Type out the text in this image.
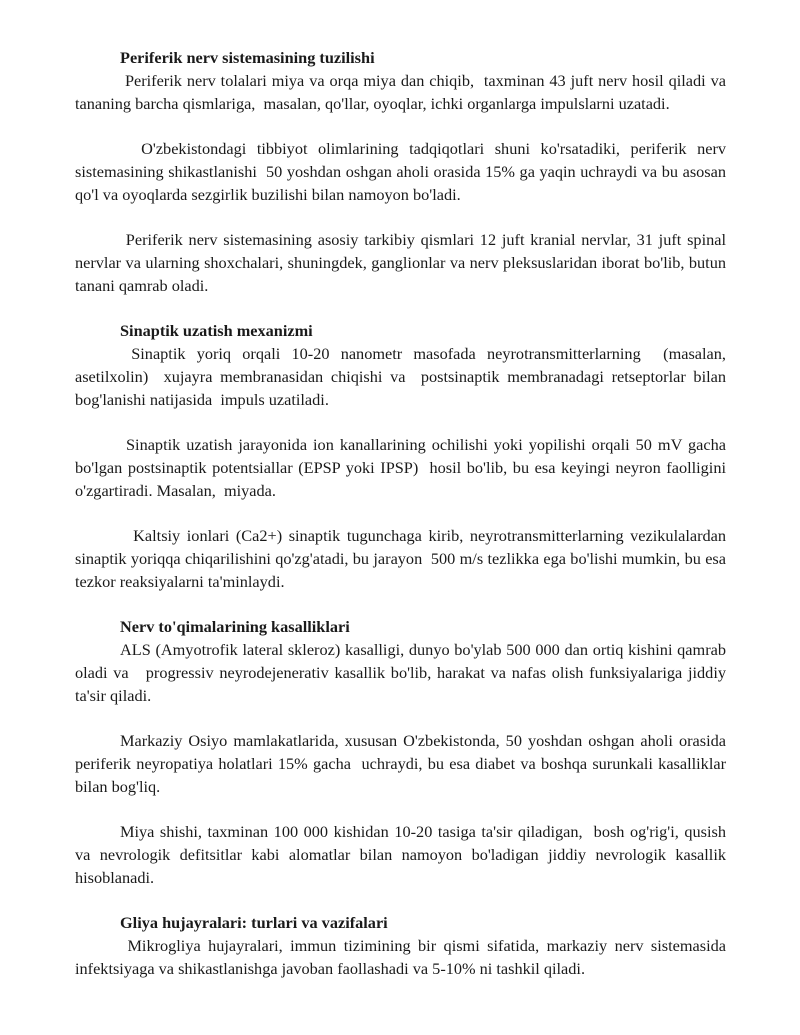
Periferik nerv sistemasining tuzilishi

Periferik nerv tolalari miya va orqa miya dan chiqib,  taxminan 43 juft nerv hosil qiladi va   tananing barcha qismlariga,  masalan, qo'llar, oyoqlar, ichki organlarga impulslarni uzatadi.

O'zbekistondagi tibbiyot olimlarining tadqiqotlari shuni ko'rsatadiki, periferik nerv sistemasining shikastlanishi  50 yoshdan oshgan aholi orasida 15% ga yaqin uchraydi va bu asosan qo'l va oyoqlarda sezgirlik buzilishi bilan namoyon bo'ladi.

Periferik nerv sistemasining asosiy tarkibiy qismlari 12 juft kranial nervlar, 31 juft spinal nervlar va ularning shoxchalari, shuningdek, ganglionlar va nerv pleksuslaridan iborat bo'lib, butun tanani qamrab oladi.

Sinaptik uzatish mexanizmi

Sinaptik yoriq orqali 10-20 nanometr masofada neyrotransmitterlarning  (masalan, asetilxolin)  xujayra membranasidan chiqishi va  postsinaptik membranadagi retseptorlar bilan bog'lanishi natijasida  impuls uzatiladi.

Sinaptik uzatish jarayonida ion kanallarining ochilishi yoki yopilishi orqali 50 mV gacha bo'lgan postsinaptik potentsiallar (EPSP yoki IPSP)  hosil bo'lib, bu esa keyingi neyron faolligini  o'zgartiradi. Masalan,  miyada.

Kaltsiy ionlari (Ca2+) sinaptik tugunchaga kirib, neyrotransmitterlarning vezikulalardan  sinaptik yoriqqa chiqarilishini qo'zg'atadi, bu jarayon  500 m/s tezlikka ega bo'lishi mumkin, bu esa  tezkor reaksiyalarni ta'minlaydi.

Nerv to'qimalarining kasalliklari

ALS (Amyotrofik lateral skleroz) kasalligi, dunyo bo'ylab 500 000 dan ortiq kishini qamrab oladi va   progressiv neyrodejenerativ kasallik bo'lib, harakat va nafas olish funksiyalariga jiddiy ta'sir qiladi.

Markaziy Osiyo mamlakatlarida, xususan O'zbekistonda, 50 yoshdan oshgan aholi orasida periferik neyropatiya holatlari 15% gacha  uchraydi, bu esa diabet va boshqa surunkali kasalliklar bilan bog'liq.

Miya shishi, taxminan 100 000 kishidan 10-20 tasiga ta'sir qiladigan,  bosh og'rig'i, qusish va nevrologik defitsitlar kabi alomatlar bilan namoyon bo'ladigan jiddiy nevrologik kasallik hisoblanadi.

Gliya hujayralari: turlari va vazifalari

Mikrogliya hujayralari, immun tizimining bir qismi sifatida, markaziy nerv sistemasida infektsiyaga va shikastlanishga javoban faollashadi va 5-10% ni tashkil qiladi.
